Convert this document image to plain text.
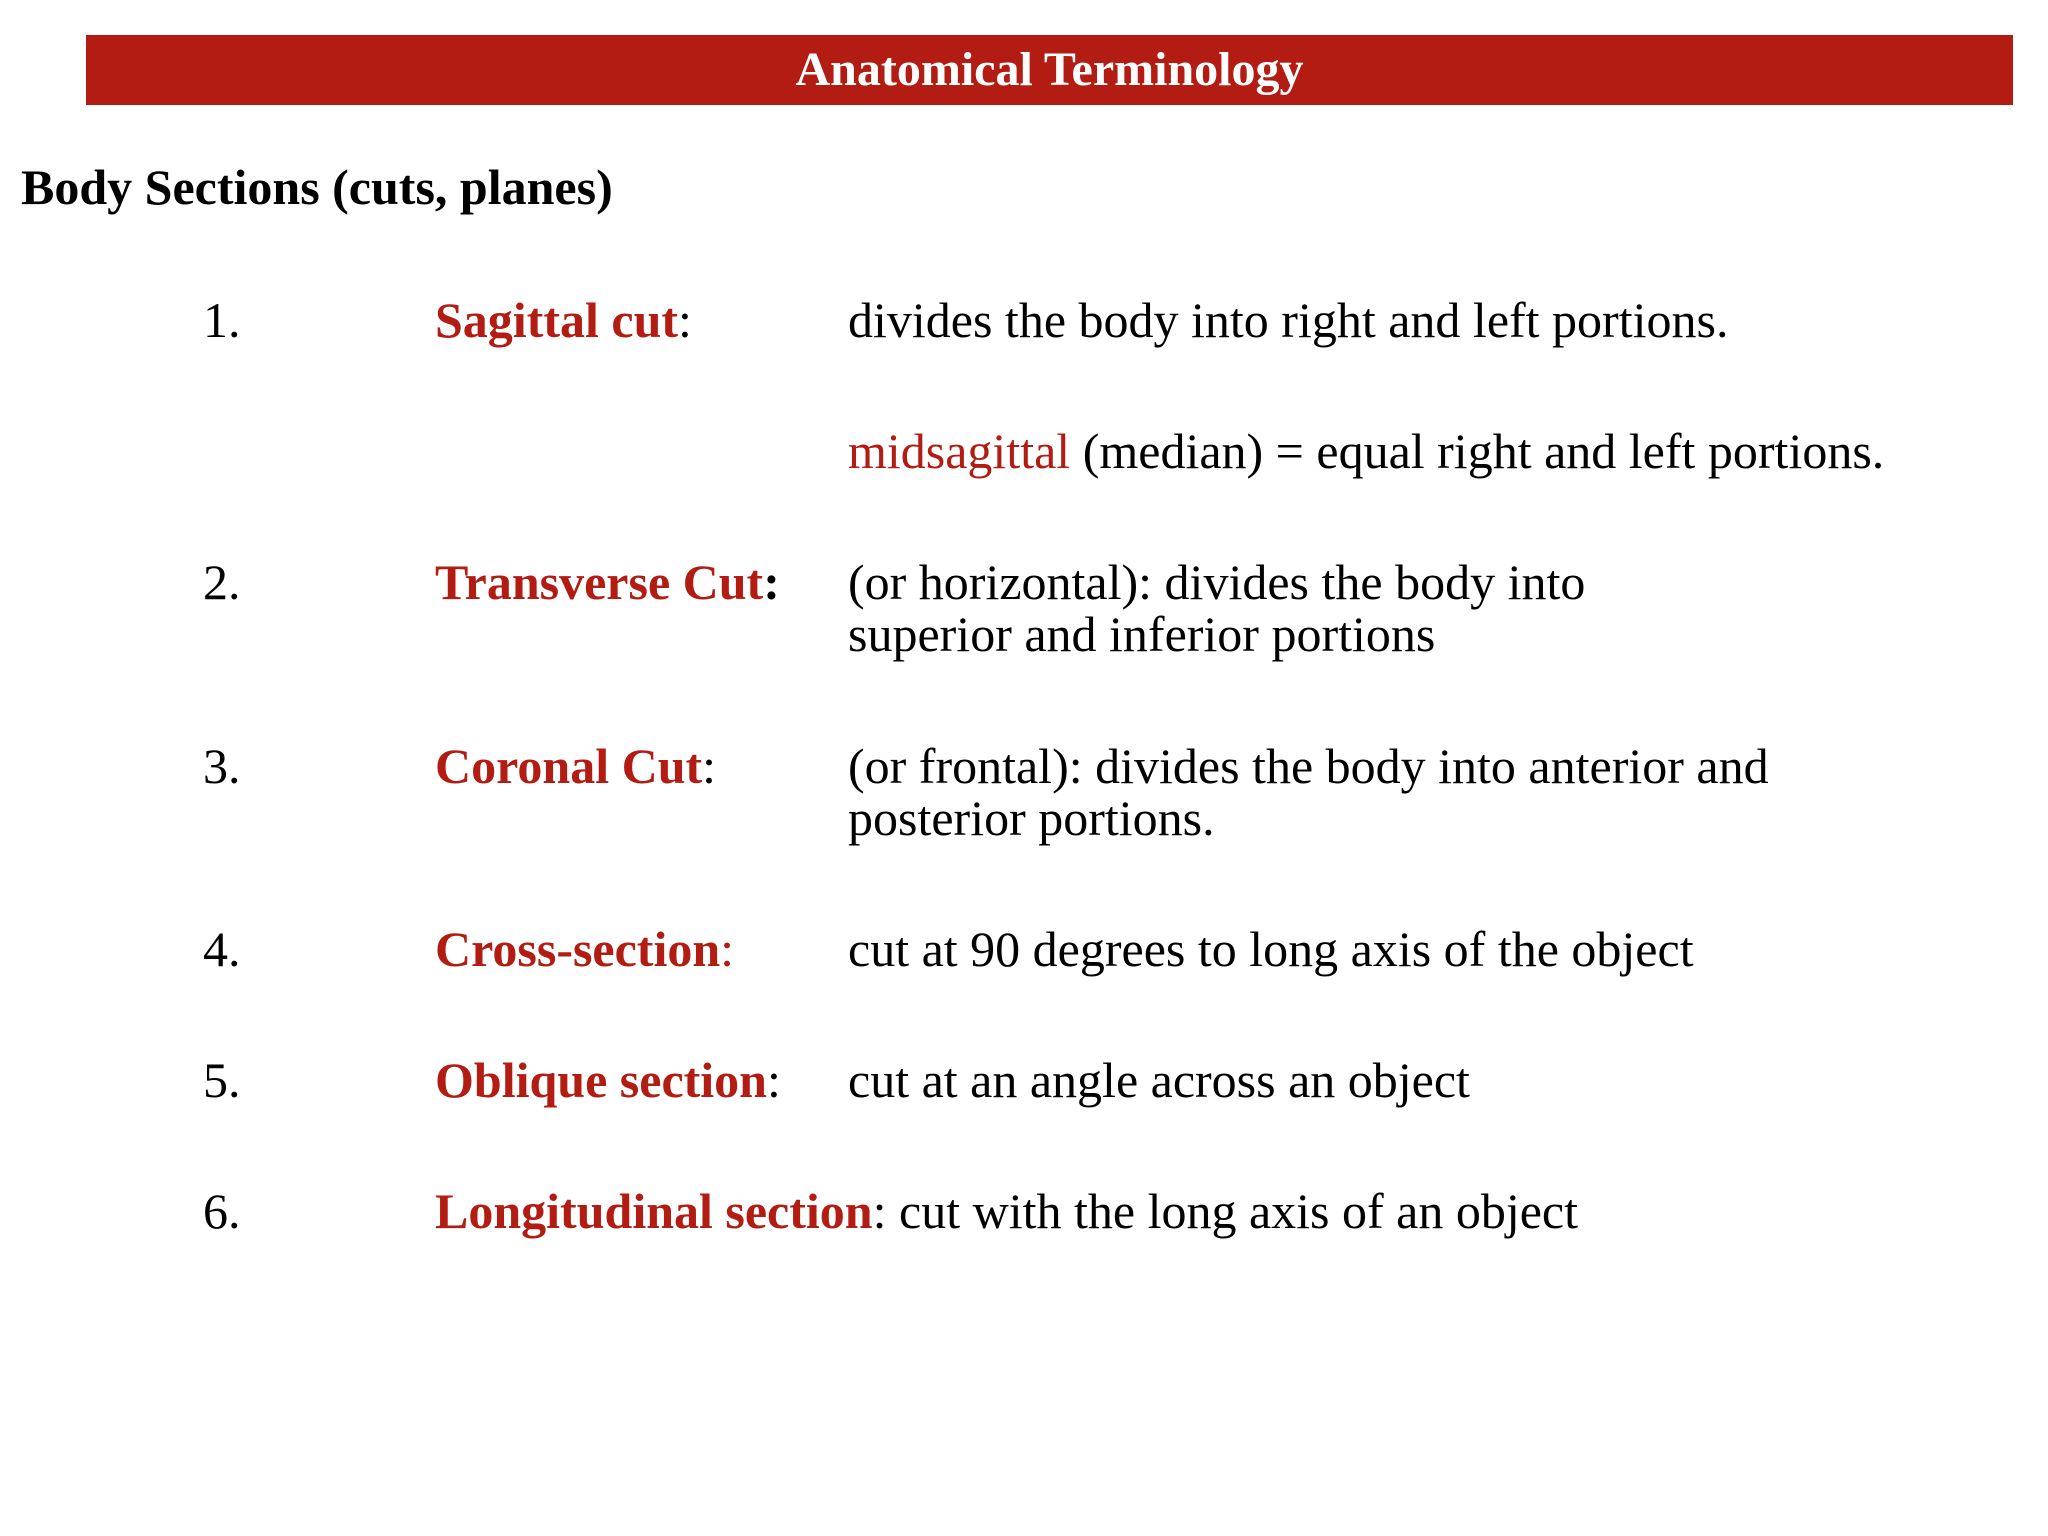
Anatomical Terminology
Body Sections (cuts, planes)
1.	Sagittal cut:	divides the body into right and left portions.
midsagittal (median) = equal right and left portions.
2.	Transverse Cut: (or horizontal): divides the body into
superior and inferior portions
3.	Coronal Cut:	(or frontal): divides the body into anterior and
posterior portions.
4.	Cross-section: cut at 90 degrees to long axis of the object
5.	Oblique section: cut at an angle across an object
6.	Longitudinal section: cut with the long axis of an object
